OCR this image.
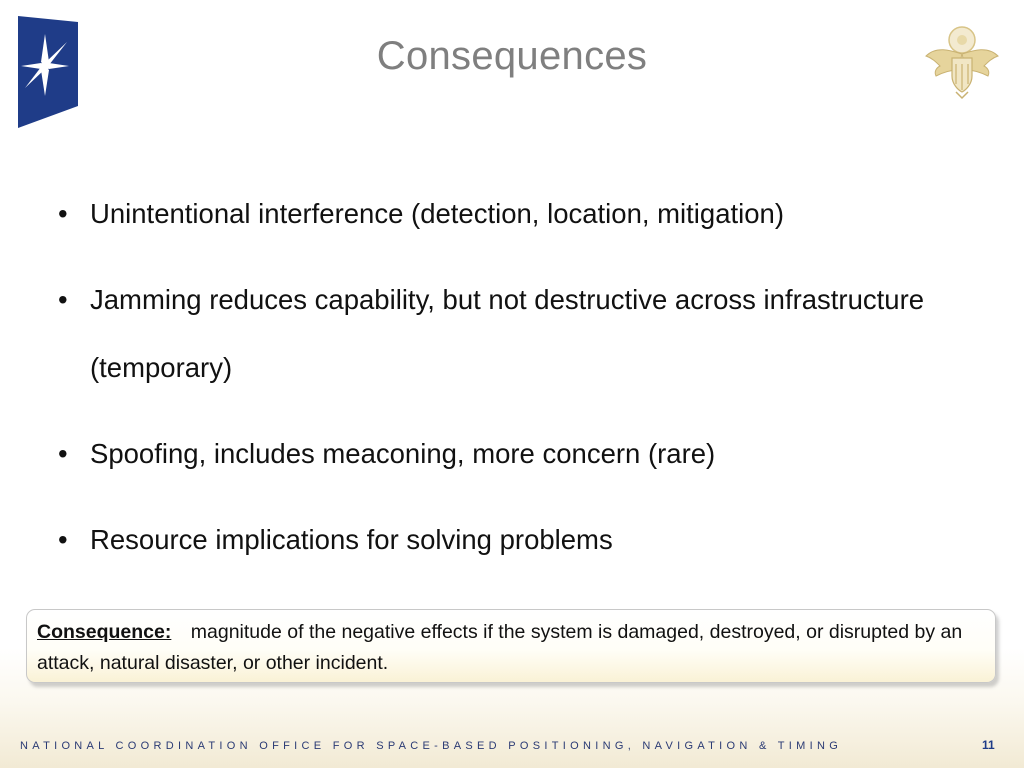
Consequences
• Unintentional interference (detection, location, mitigation)
• Jamming reduces capability, but not destructive across infrastructure (temporary)
• Spoofing, includes meaconing, more concern (rare)
• Resource implications for solving problems

Consequence: magnitude of the negative effects if the system is damaged, destroyed, or disrupted by an attack, natural disaster, or other incident.

NATIONAL COORDINATION OFFICE FOR SPACE-BASED POSITIONING, NAVIGATION & TIMING	11
